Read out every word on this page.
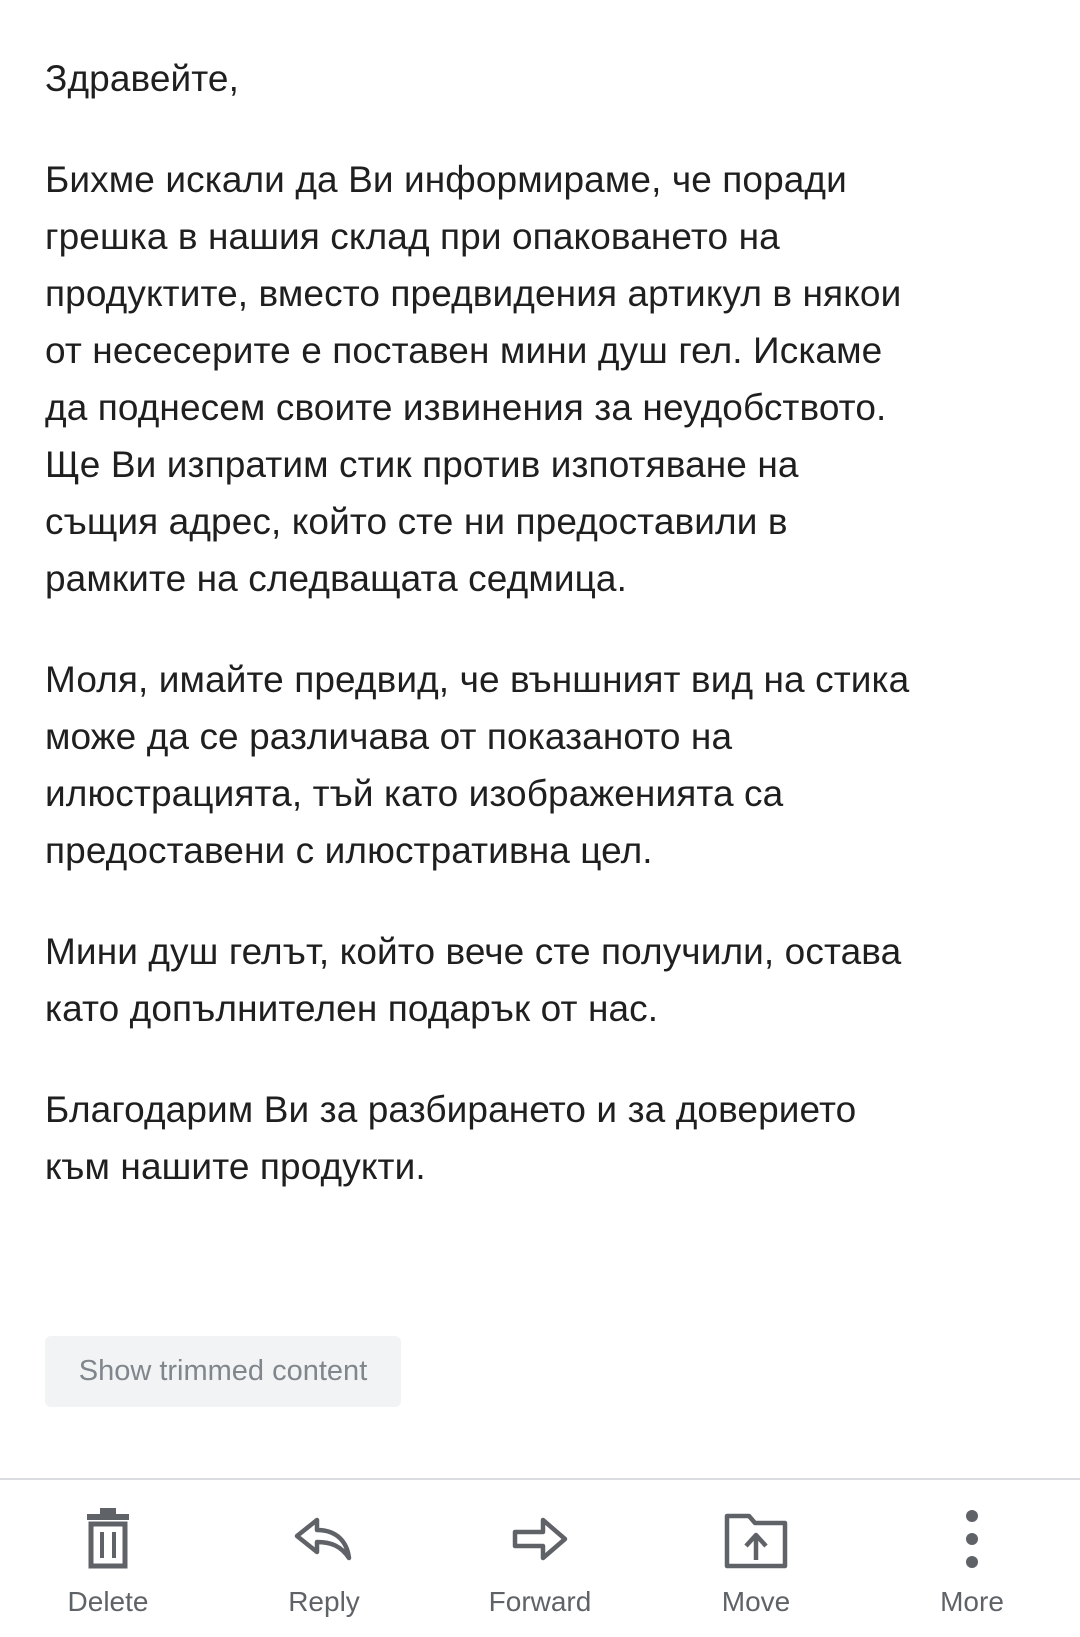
Здравейте,

Бихме искали да Ви информираме, че поради
грешка в нашия склад при опаковането на
продуктите, вместо предвидения артикул в някои
от несесерите е поставен мини душ гел. Искаме
да поднесем своите извинения за неудобството.
Ще Ви изпратим стик против изпотяване на
същия адрес, който сте ни предоставили в
рамките на следващата седмица.

Моля, имайте предвид, че външният вид на стика
може да се различава от показаното на
илюстрацията, тъй като изображенията са
предоставени с илюстративна цел.

Мини душ гелът, който вече сте получили, остава
като допълнителен подарък от нас.

Благодарим Ви за разбирането и за доверието
към нашите продукти.

Show trimmed content
Delete	Reply	Forward	Move	More
